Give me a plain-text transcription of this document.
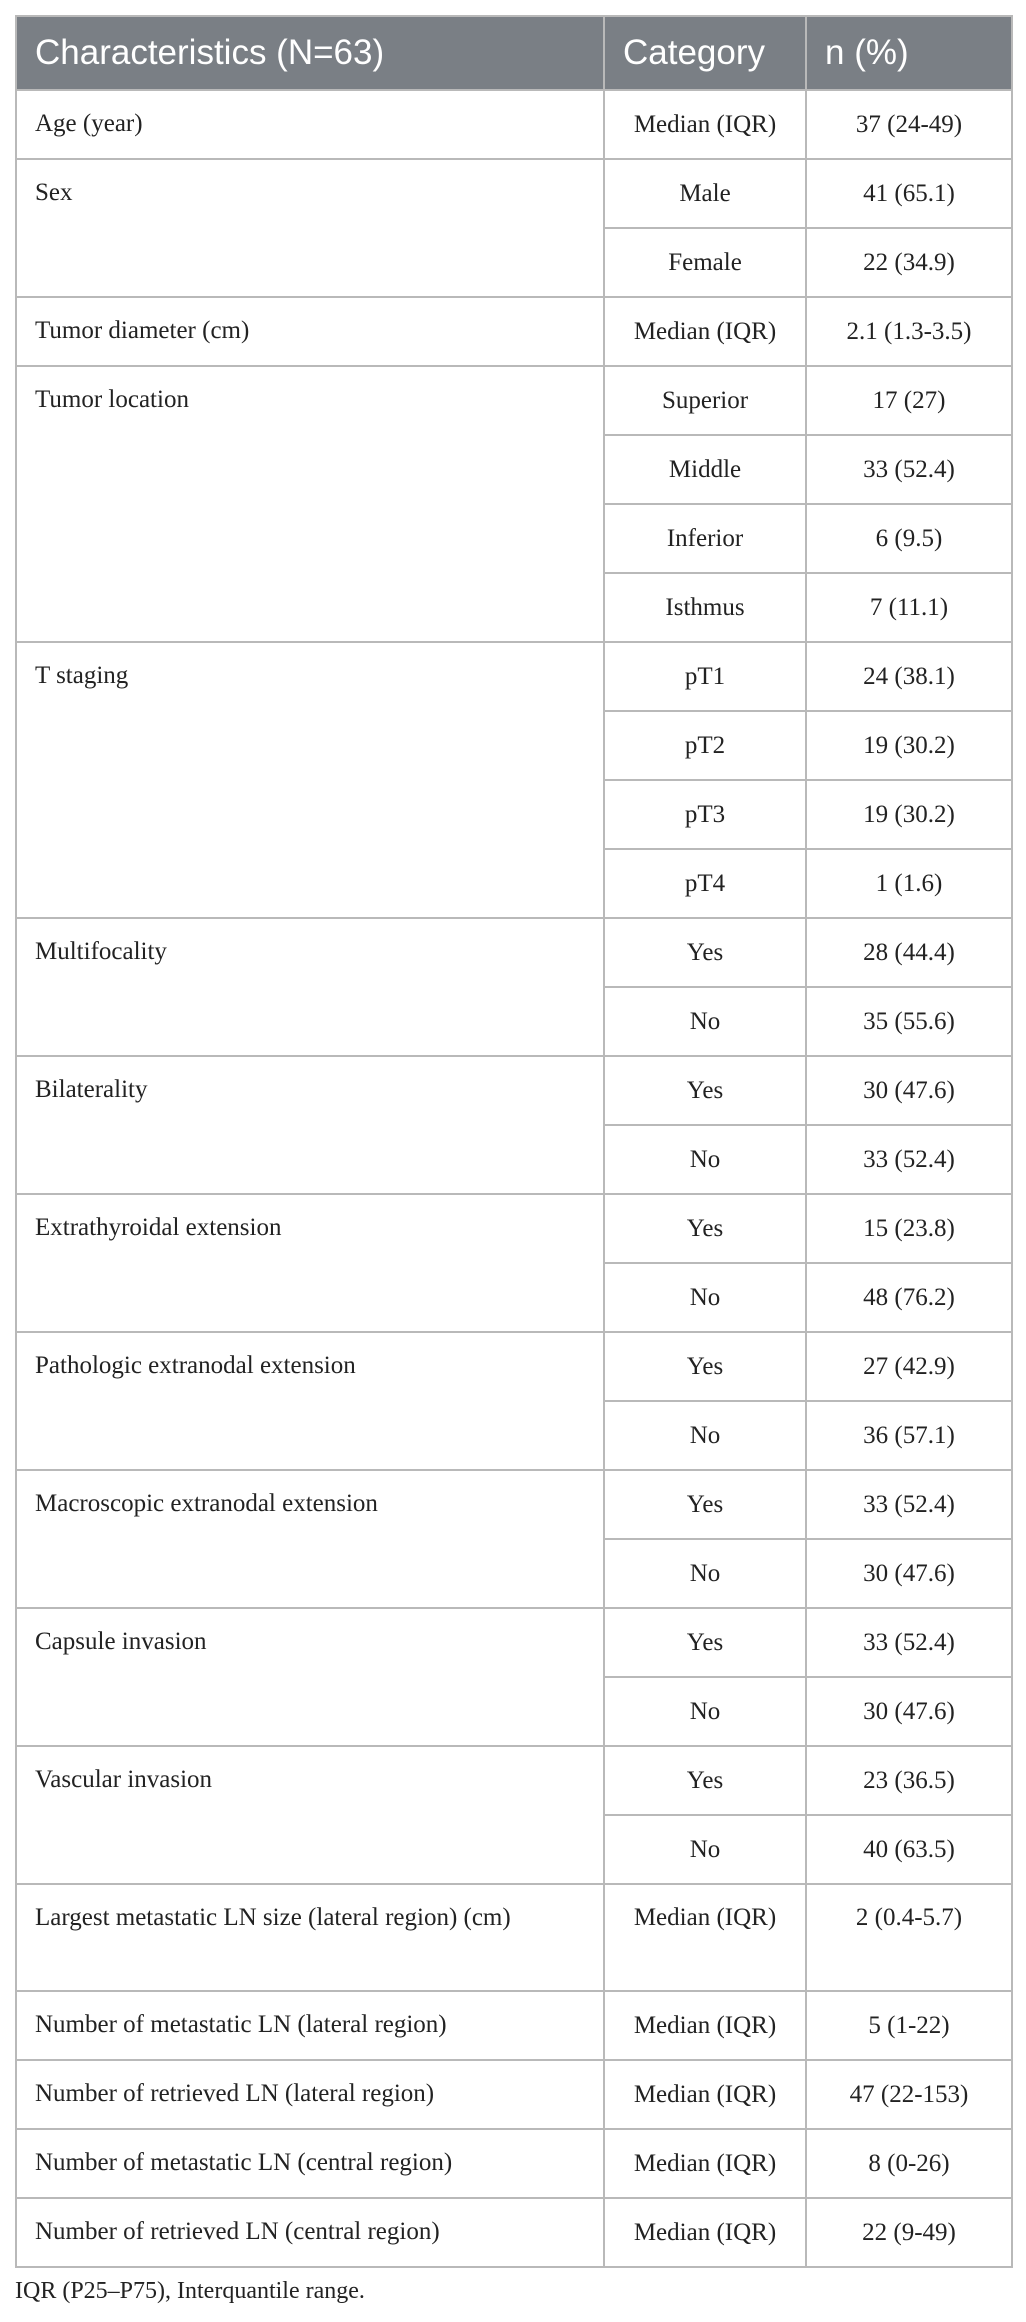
Characteristics (N=63)	Category	n (%)
Age (year)	Median (IQR)	37 (24-49)
Sex	Male	41 (65.1)
	Female	22 (34.9)
Tumor diameter (cm)	Median (IQR)	2.1 (1.3-3.5)
Tumor location	Superior	17 (27)
	Middle	33 (52.4)
	Inferior	6 (9.5)
	Isthmus	7 (11.1)
T staging	pT1	24 (38.1)
	pT2	19 (30.2)
	pT3	19 (30.2)
	pT4	1 (1.6)
Multifocality	Yes	28 (44.4)
	No	35 (55.6)
Bilaterality	Yes	30 (47.6)
	No	33 (52.4)
Extrathyroidal extension	Yes	15 (23.8)
	No	48 (76.2)
Pathologic extranodal extension	Yes	27 (42.9)
	No	36 (57.1)
Macroscopic extranodal extension	Yes	33 (52.4)
	No	30 (47.6)
Capsule invasion	Yes	33 (52.4)
	No	30 (47.6)
Vascular invasion	Yes	23 (36.5)
	No	40 (63.5)
Largest metastatic LN size (lateral region) (cm)	Median (IQR)	2 (0.4-5.7)
Number of metastatic LN (lateral region)	Median (IQR)	5 (1-22)
Number of retrieved LN (lateral region)	Median (IQR)	47 (22-153)
Number of metastatic LN (central region)	Median (IQR)	8 (0-26)
Number of retrieved LN (central region)	Median (IQR)	22 (9-49)
IQR (P25–P75), Interquantile range.
